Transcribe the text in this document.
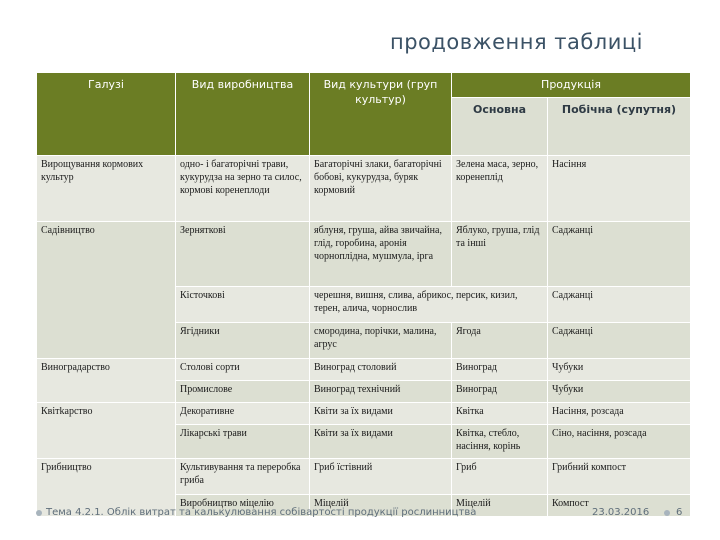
продовження таблиці
Галузі	Вид виробництва	Вид культури (груп культур)	Продукція	
			Основна	Побічна (супутня)
Вирощування кормових культур	одно- і багаторічні трави, кукурудза на зерно та силос, кормові коренеплоди	Багаторічні злаки, багаторічні бобові, кукурудза, буряк кормовий	Зелена маса, зерно, коренеплід	Насіння
Садівництво	Зерняткові	яблуня, груша, айва звичайна, глід, горобина, аронія чорноплідна, мушмула, ірга	Яблуко, груша, глід та інші	Саджанці
	Кісточкові	черешня, вишня, слива, абрикос, персик, кизил, терен, алича, чорнослив		Саджанці
	Ягідники	смородина, порічки, малина, агрус	Ягода	Саджанці
Виноградарство	Столові сорти	Виноград столовий	Виноград	Чубуки
	Промислове	Виноград технічний	Виноград	Чубуки
Квітkарство	Декоративне	Квіти за їх видами	Квітка	Насіння, розсада
	Лікарські трави	Квіти за їх видами	Квітка, стебло, насіння, корінь	Сіно, насіння, розсада
Грибництво	Культивування та переробка гриба	Гриб їстівний	Гриб	Грибний компост
	Виробництво міцелію	Міцелій	Міцелій	Компост
Тема 4.2.1. Облік витрат та калькулювання собівартості продукції рослинництва	23.03.2016	6
